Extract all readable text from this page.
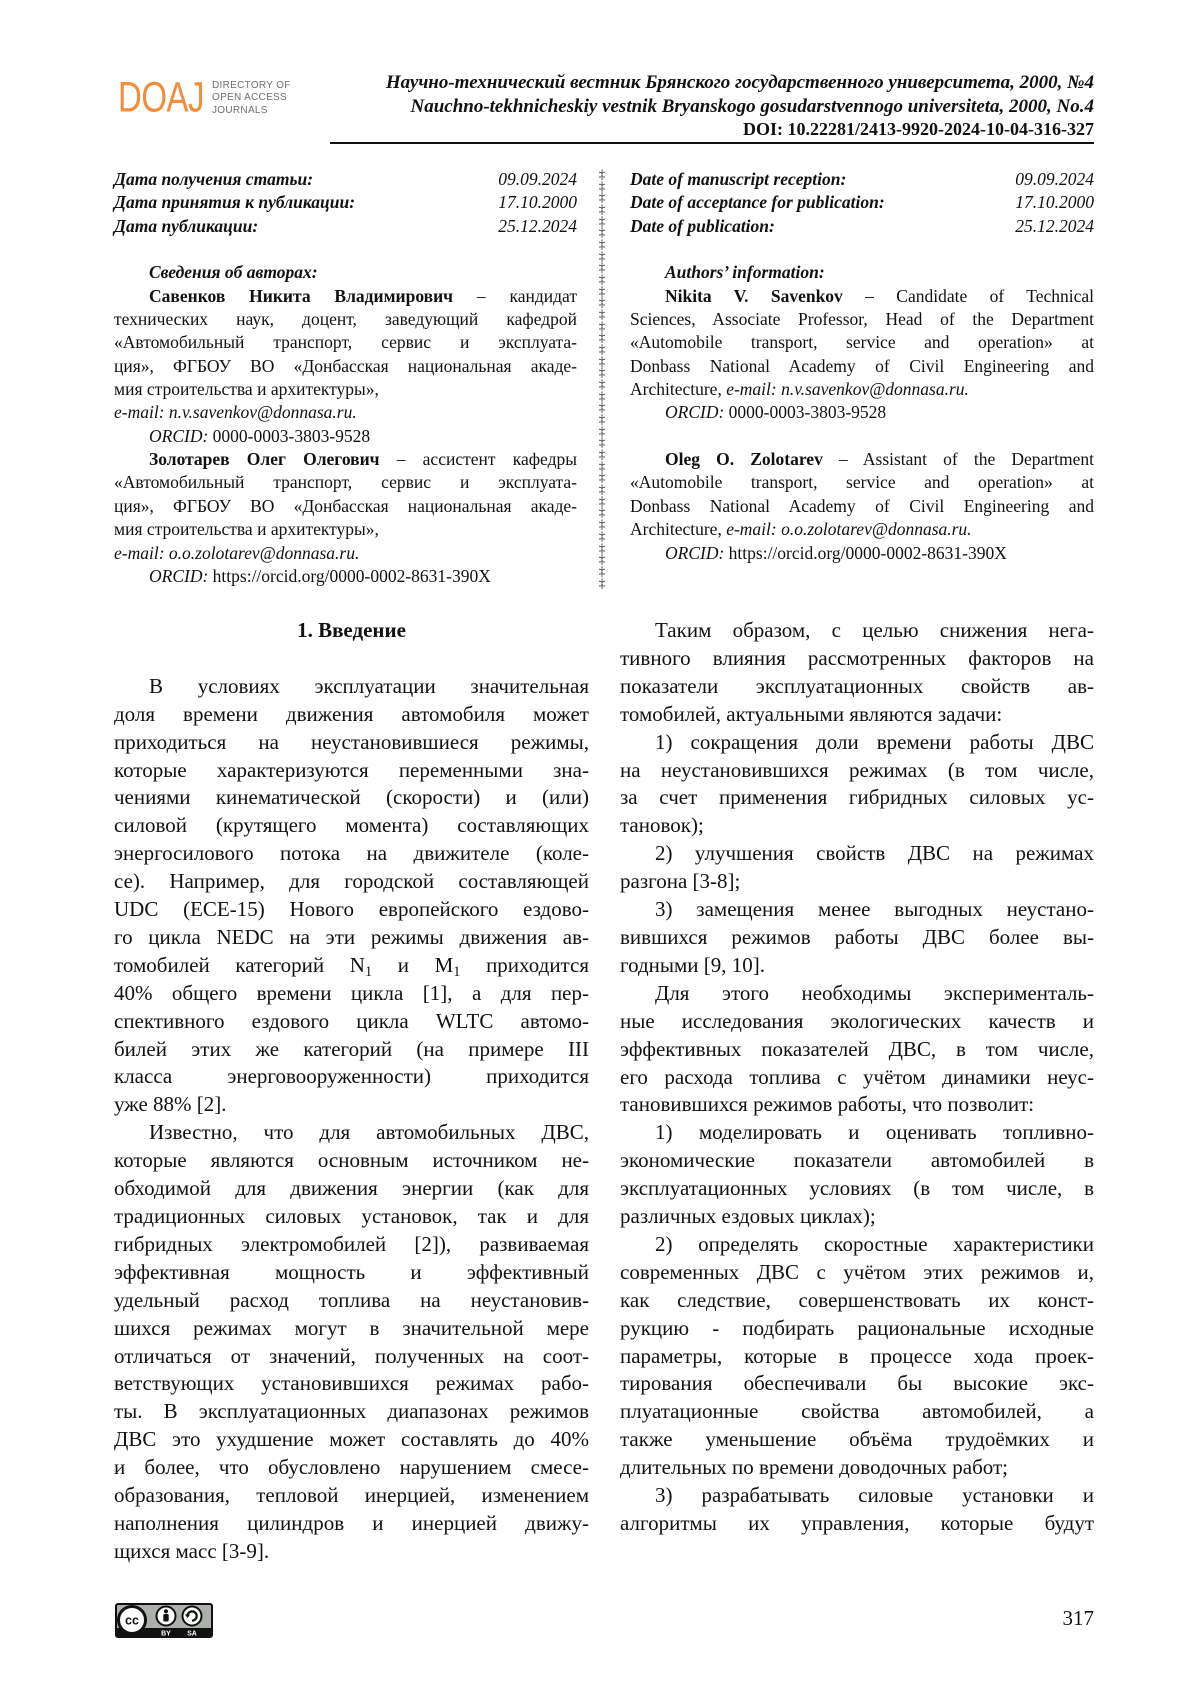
DOAJ DIRECTORY OF
OPEN ACCESS
JOURNALS
Научно-технический вестник Брянского государственного университета, 2000, №4
Nauchno-tekhnicheskiy vestnik Bryanskogo gosudarstvennogo universiteta, 2000, No.4
DOI: 10.22281/2413-9920-2024-10-04-316-327
Дата получения статьи:	09.09.2024
Дата принятия к публикации:	17.10.2000
Дата публикации:	25.12.2024
Сведения об авторах:
Савенков Никита Владимирович – кандидат
технических наук, доцент, заведующий кафедрой
«Автомобильный транспорт, сервис и эксплуата-
ция», ФГБОУ ВО «Донбасская национальная акаде-
мия строительства и архитектуры»,
e-mail: n.v.savenkov@donnasa.ru.
ORCID: 0000-0003-3803-9528
Золотарев Олег Олегович – ассистент кафедры
«Автомобильный транспорт, сервис и эксплуата-
ция», ФГБОУ ВО «Донбасская национальная акаде-
мия строительства и архитектуры»,
e-mail: o.o.zolotarev@donnasa.ru.
ORCID: https://orcid.org/0000-0002-8631-390X
‡
‡
‡
‡
‡
‡
‡
‡
‡
‡
‡
‡
‡
‡
‡
‡
‡
‡
‡
‡
‡
‡
‡
‡
‡
‡
‡
‡
‡
‡
‡
‡
‡
‡
‡
‡
Date of manuscript reception:	09.09.2024
Date of acceptance for publication:	17.10.2000
Date of publication:	25.12.2024
Authors’ information:
Nikita V. Savenkov – Candidate of Technical
Sciences, Associate Professor, Head of the Department
«Automobile transport, service and operation» at
Donbass National Academy of Civil Engineering and
Architecture, e-mail: n.v.savenkov@donnasa.ru.
ORCID: 0000-0003-3803-9528
Oleg O. Zolotarev – Assistant of the Department
«Automobile transport, service and operation» at
Donbass National Academy of Civil Engineering and
Architecture, e-mail: o.o.zolotarev@donnasa.ru.
ORCID: https://orcid.org/0000-0002-8631-390X
1. Введение
В условиях эксплуатации значительная
доля времени движения автомобиля может
приходиться на неустановившиеся режимы,
которые характеризуются переменными зна-
чениями кинематической (скорости) и (или)
силовой (крутящего момента) составляющих
энергосилового потока на движителе (коле-
се). Например, для городской составляющей
UDC (ECE-15) Нового европейского ездово-
го цикла NEDC на эти режимы движения ав-
томобилей категорий $N_1$ и $M_1$ приходится
40% общего времени цикла [1], а для пер-
спективного ездового цикла WLTC автомо-
билей этих же категорий (на примере III
класса энерговооруженности) приходится
уже 88% [2].
Известно, что для автомобильных ДВС,
которые являются основным источником не-
обходимой для движения энергии (как для
традиционных силовых установок, так и для
гибридных электромобилей [2]), развиваемая
эффективная мощность и эффективный
удельный расход топлива на неустановив-
шихся режимах могут в значительной мере
отличаться от значений, полученных на соот-
ветствующих установившихся режимах рабо-
ты. В эксплуатационных диапазонах режимов
ДВС это ухудшение может составлять до 40%
и более, что обусловлено нарушением смесе-
образования, тепловой инерцией, изменением
наполнения цилиндров и инерцией движу-
щихся масс [3-9].
Таким образом, с целью снижения нега-
тивного влияния рассмотренных факторов на
показатели эксплуатационных свойств ав-
томобилей, актуальными являются задачи:
1) сокращения доли времени работы ДВС
на неустановившихся режимах (в том числе,
за счет применения гибридных силовых ус-
тановок);
2) улучшения свойств ДВС на режимах
разгона [3-8];
3) замещения менее выгодных неустано-
вившихся режимов работы ДВС более вы-
годными [9, 10].
Для этого необходимы эксперименталь-
ные исследования экологических качеств и
эффективных показателей ДВС, в том числе,
его расхода топлива с учётом динамики неус-
тановившихся режимов работы, что позволит:
1) моделировать и оценивать топливно-
экономические показатели автомобилей в
эксплуатационных условиях (в том числе, в
различных ездовых циклах);
2) определять скоростные характеристики
современных ДВС с учётом этих режимов и,
как следствие, совершенствовать их конст-
рукцию - подбирать рациональные исходные
параметры, которые в процессе хода проек-
тирования обеспечивали бы высокие экс-
плуатационные свойства автомобилей, а
также уменьшение объёма трудоёмких и
длительных по времени доводочных работ;
3) разрабатывать силовые установки и
алгоритмы их управления, которые будут
cc
BY SA
317
